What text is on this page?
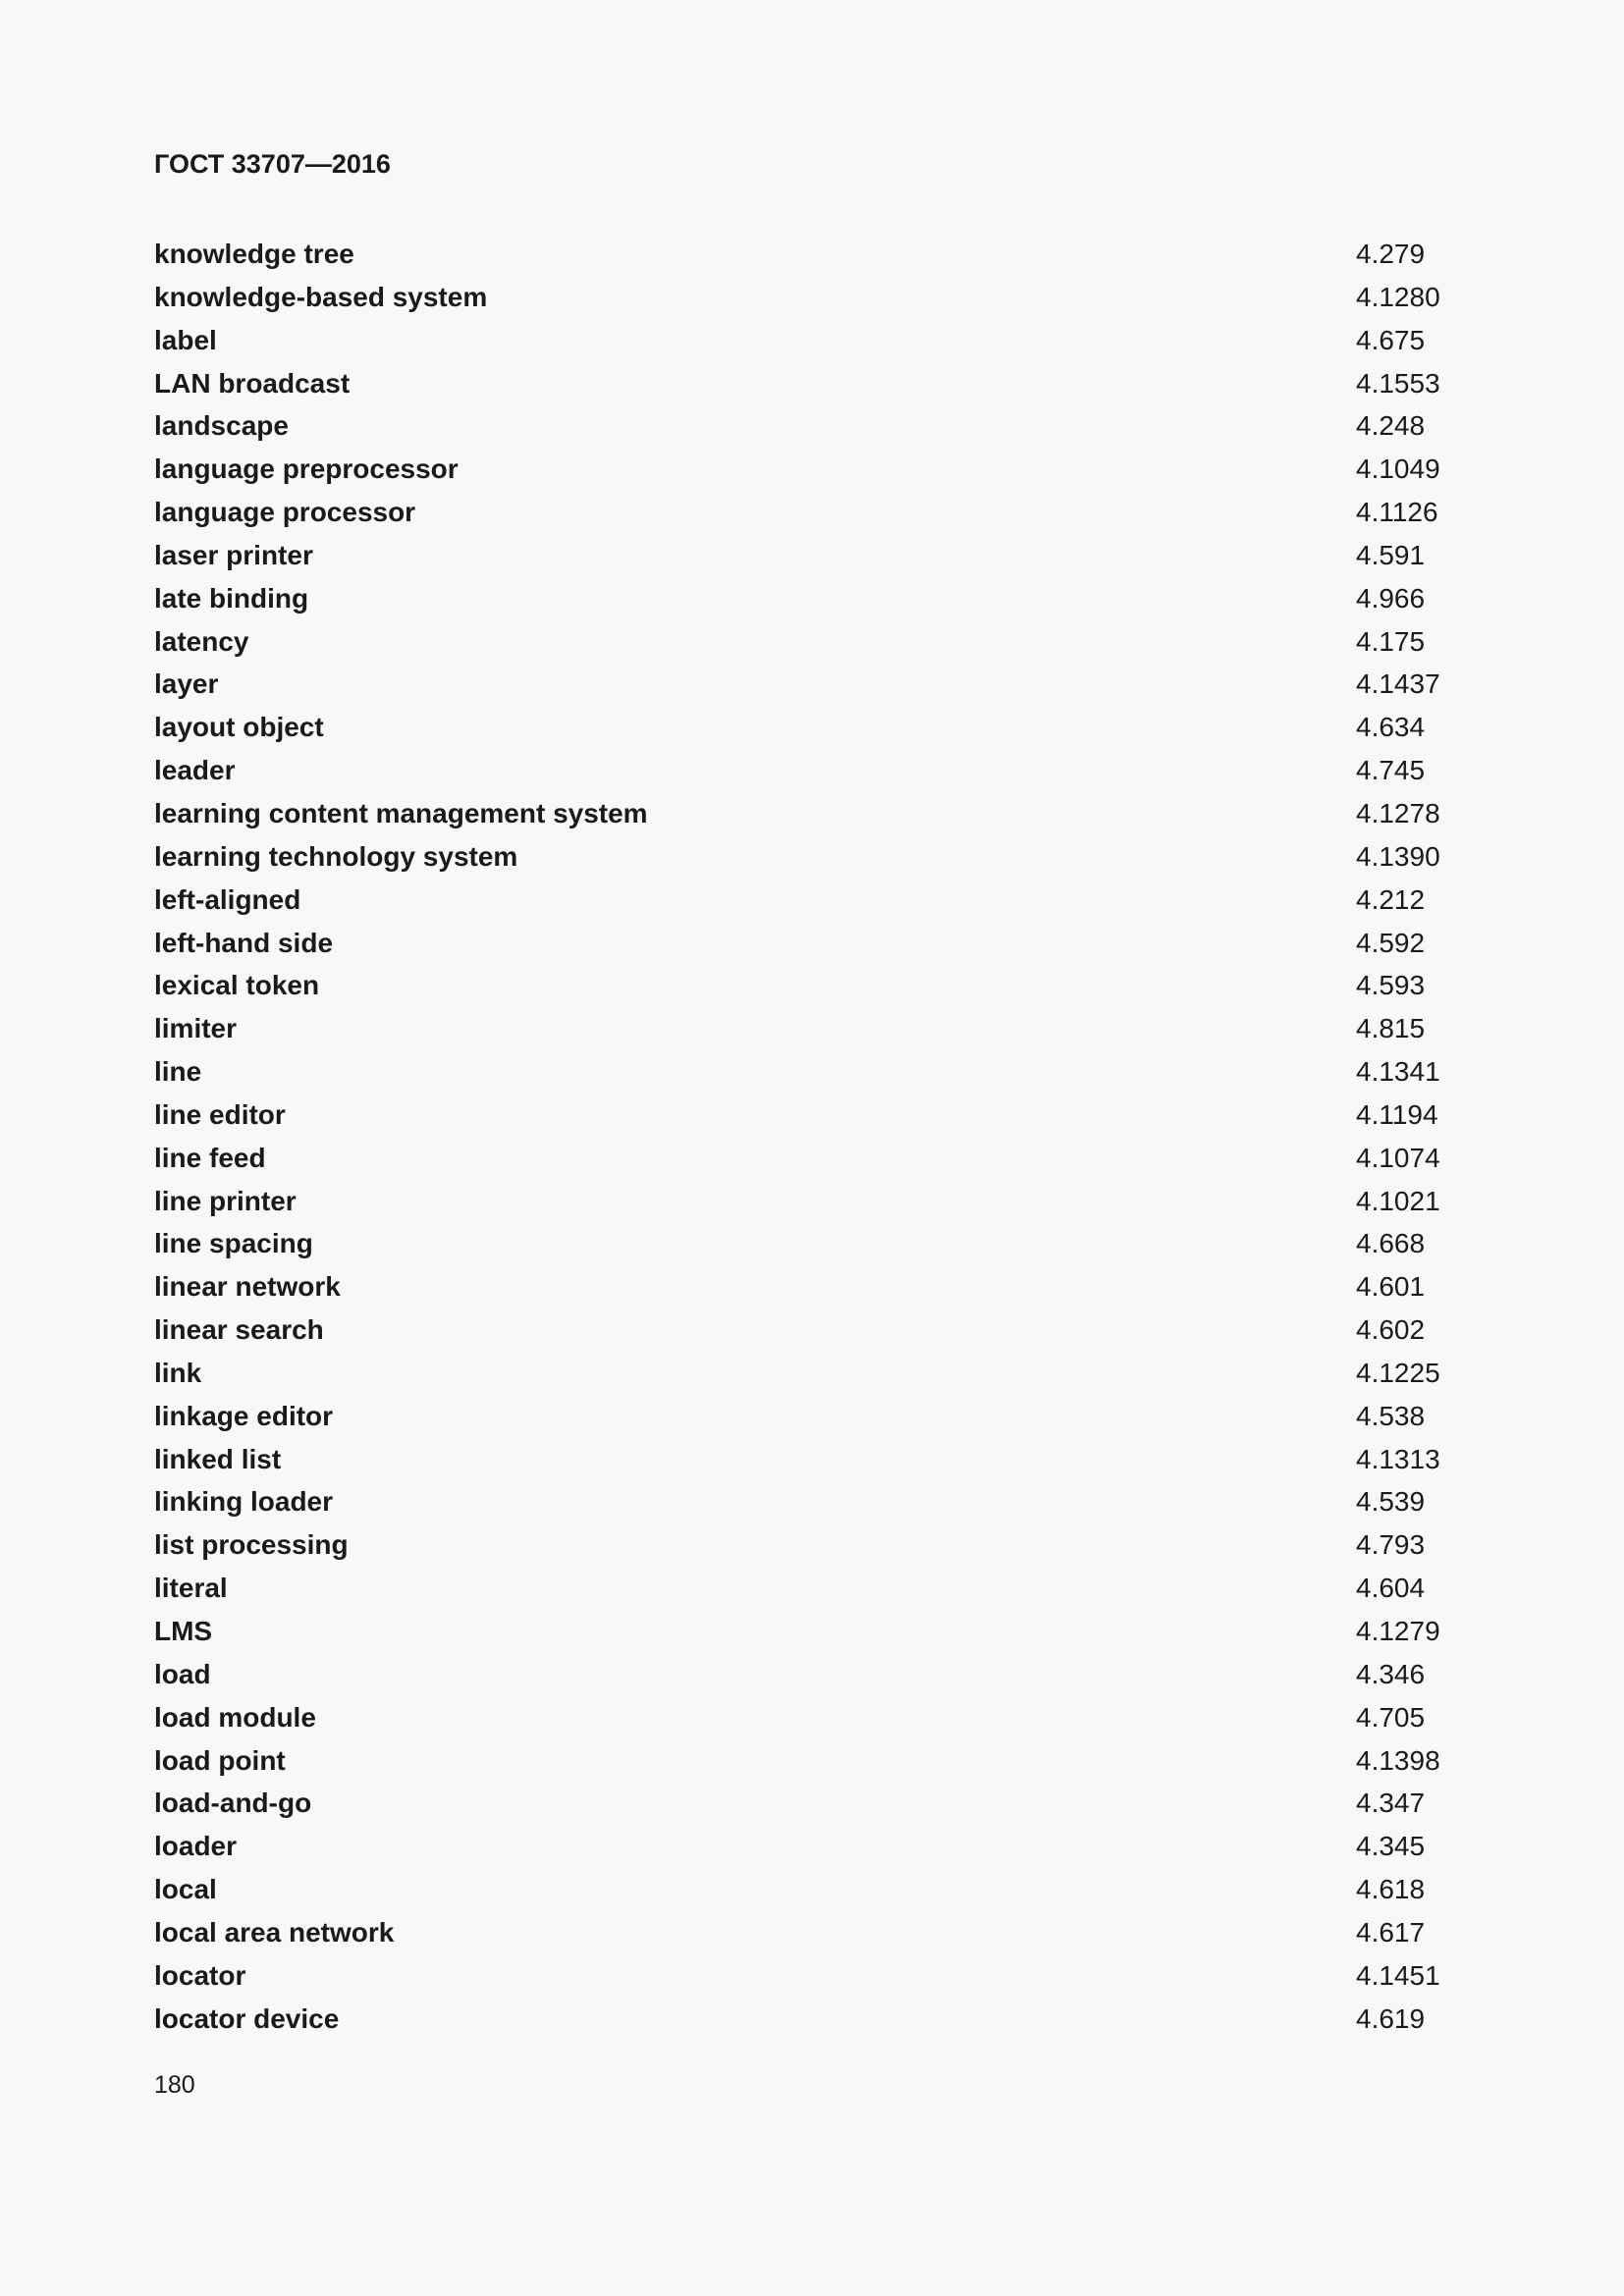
ГОСТ 33707—2016
knowledge tree	4.279
knowledge-based system	4.1280
label	4.675
LAN broadcast	4.1553
landscape	4.248
language preprocessor	4.1049
language processor	4.1126
laser printer	4.591
late binding	4.966
latency	4.175
layer	4.1437
layout object	4.634
leader	4.745
learning content management system	4.1278
learning technology system	4.1390
left-aligned	4.212
left-hand side	4.592
lexical token	4.593
limiter	4.815
line	4.1341
line editor	4.1194
line feed	4.1074
line printer	4.1021
line spacing	4.668
linear network	4.601
linear search	4.602
link	4.1225
linkage editor	4.538
linked list	4.1313
linking loader	4.539
list processing	4.793
literal	4.604
LMS	4.1279
load	4.346
load module	4.705
load point	4.1398
load-and-go	4.347
loader	4.345
local	4.618
local area network	4.617
locator	4.1451
locator device	4.619
180
